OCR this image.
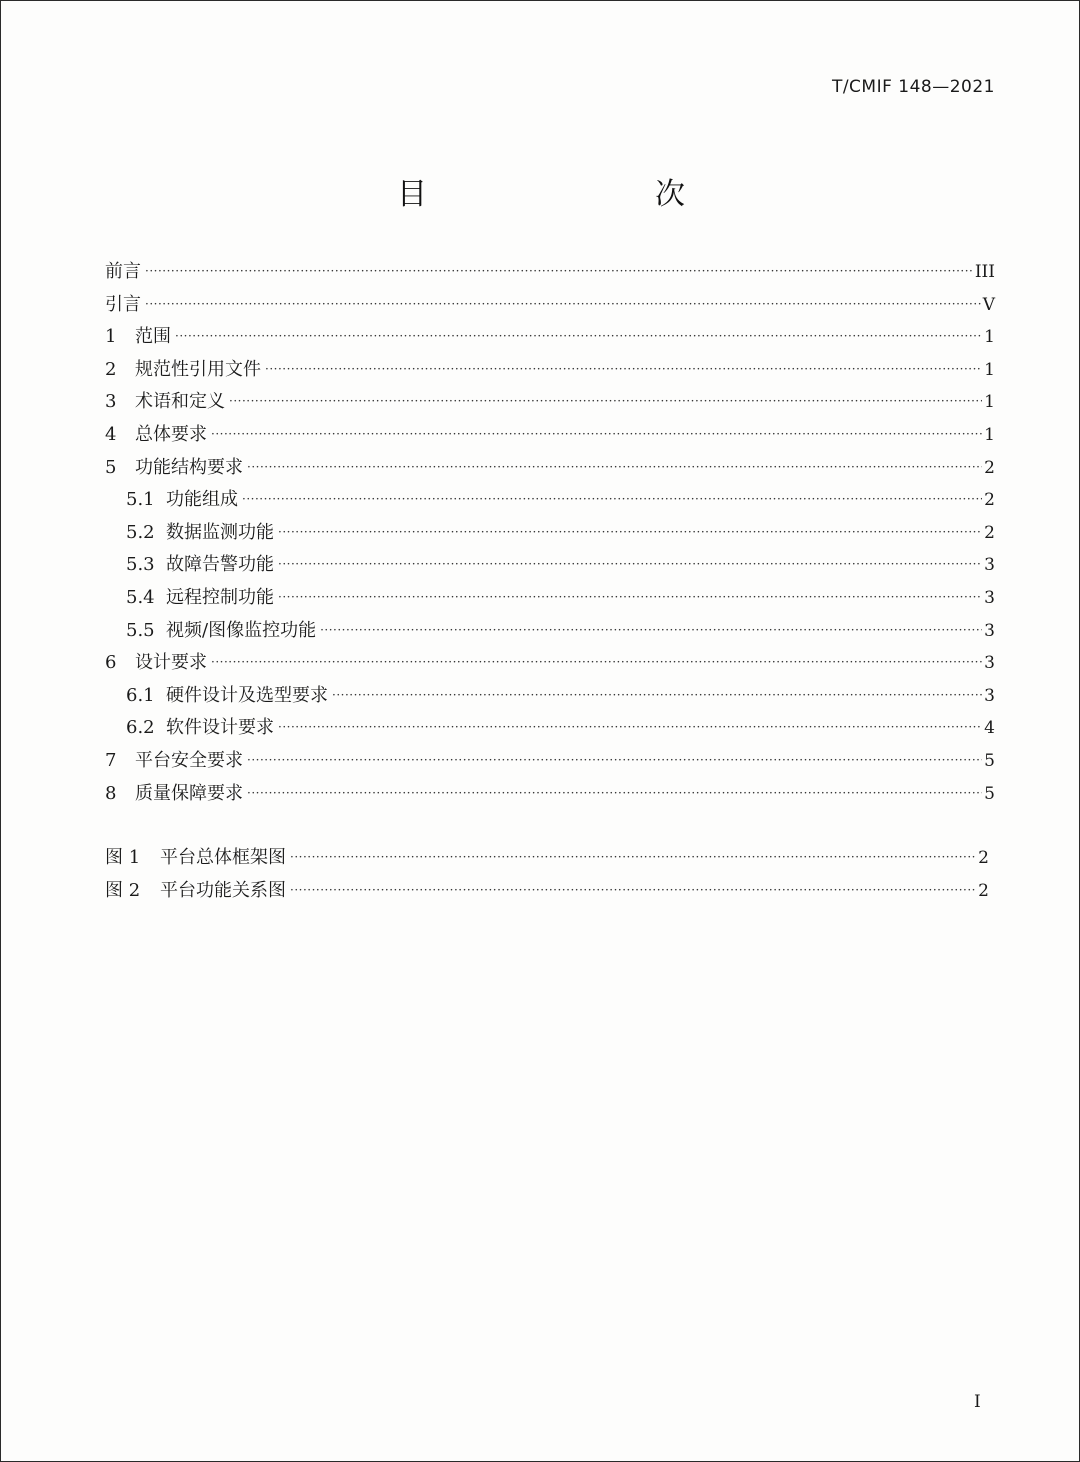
T/CMIF 148—2021
目　　次
前言 ·····	III
引言 ·····	V
1	范围 ·····	1
2	规范性引用文件 ·····	1
3	术语和定义 ·····	1
4	总体要求 ·····	1
5	功能结构要求 ·····	2
5.1 功能组成 ·····	2
5.2 数据监测功能 ·····	2
5.3 故障告警功能 ·····	3
5.4 远程控制功能 ·····	3
5.5 视频/图像监控功能 ·····	3
6	设计要求 ·····	3
6.1 硬件设计及选型要求 ·····	3
6.2 软件设计要求 ·····	4
7	平台安全要求 ·····	5
8	质量保障要求 ·····	5
图 1	平台总体框架图 ·····	2
图 2	平台功能关系图 ·····	2
I
